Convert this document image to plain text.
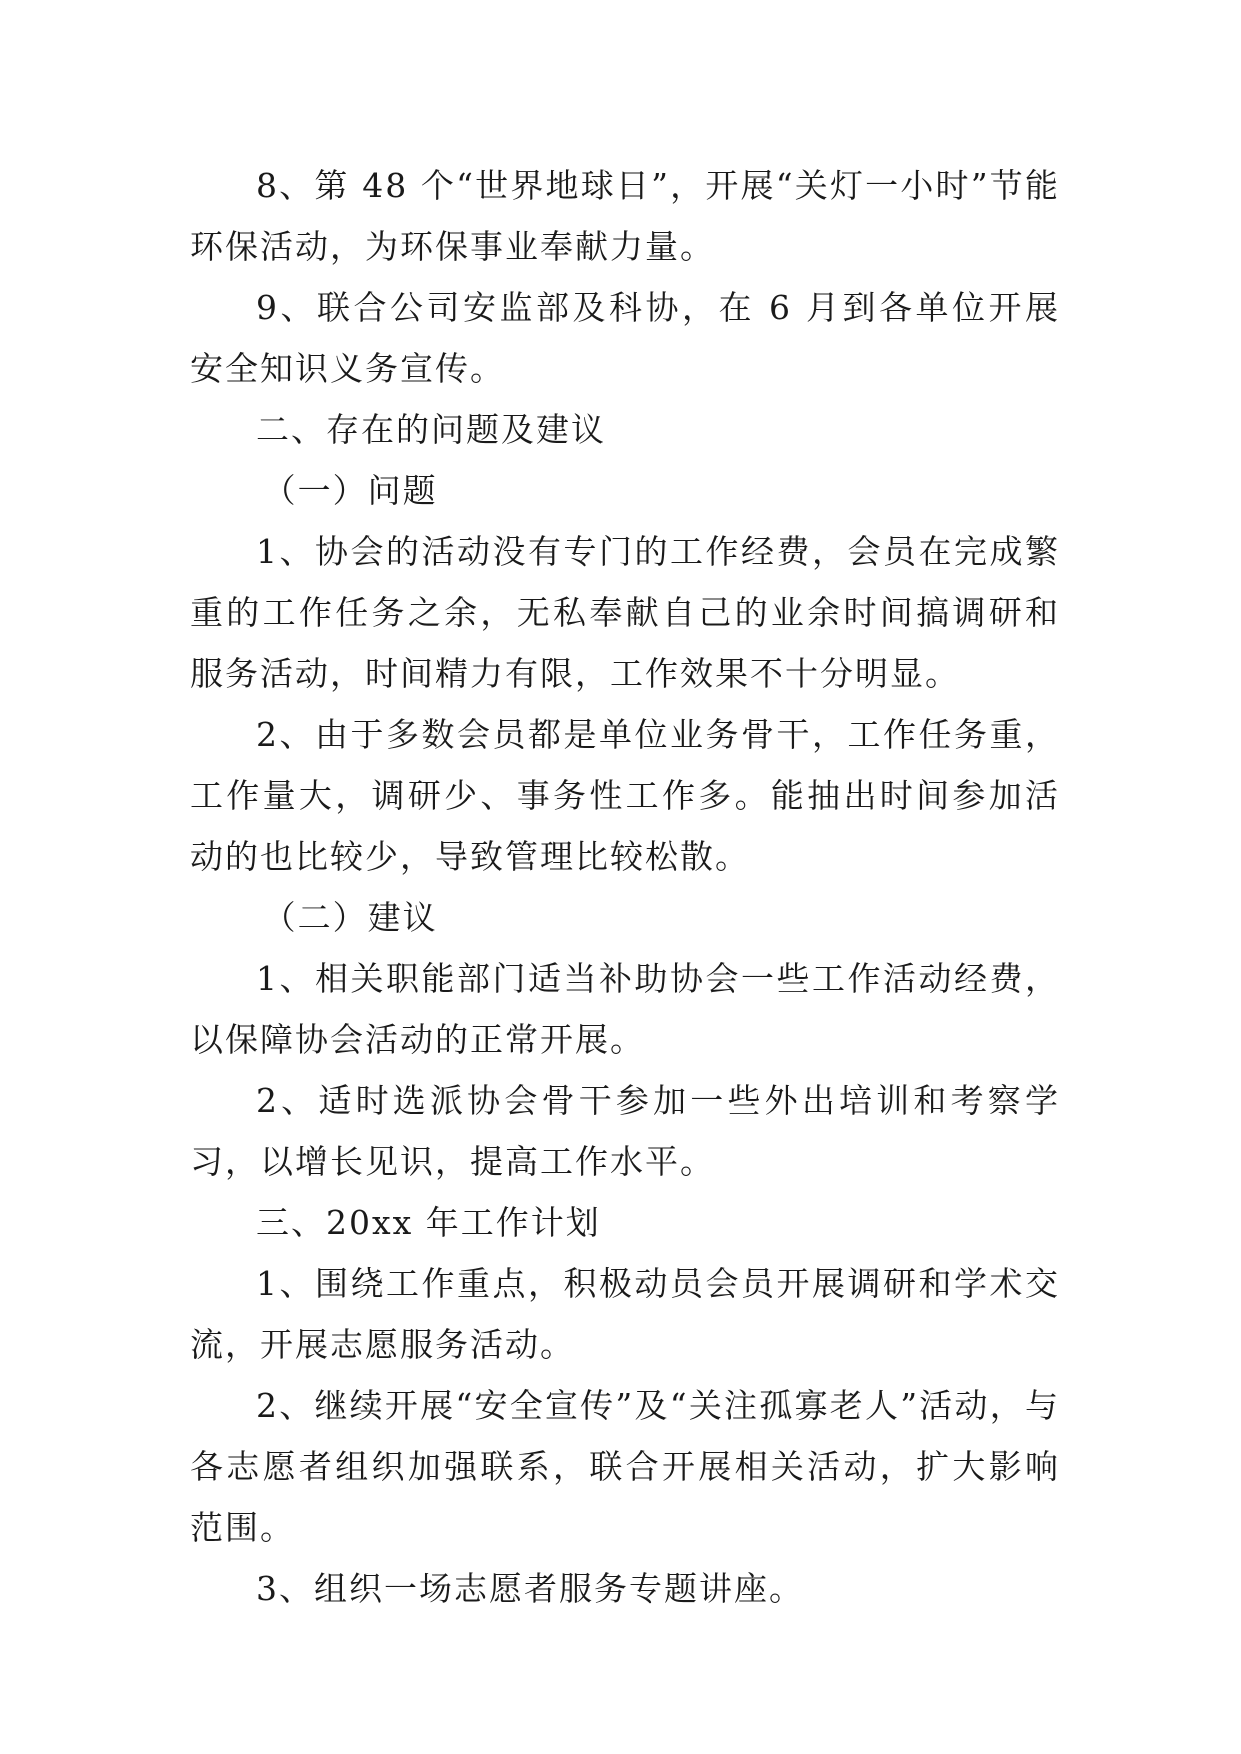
8、第 48 个“世界地球日”，开展“关灯一小时”节能环保活动，为环保事业奉献力量。

9、联合公司安监部及科协，在 6 月到各单位开展安全知识义务宣传。

二、存在的问题及建议

（一）问题

1、协会的活动没有专门的工作经费，会员在完成繁重的工作任务之余，无私奉献自己的业余时间搞调研和服务活动，时间精力有限，工作效果不十分明显。

2、由于多数会员都是单位业务骨干，工作任务重，工作量大，调研少、事务性工作多。能抽出时间参加活动的也比较少，导致管理比较松散。

（二）建议

1、相关职能部门适当补助协会一些工作活动经费，以保障协会活动的正常开展。

2、适时选派协会骨干参加一些外出培训和考察学习，以增长见识，提高工作水平。

三、20xx 年工作计划

1、围绕工作重点，积极动员会员开展调研和学术交流，开展志愿服务活动。

2、继续开展“安全宣传”及“关注孤寡老人”活动，与各志愿者组织加强联系，联合开展相关活动，扩大影响范围。

3、组织一场志愿者服务专题讲座。
